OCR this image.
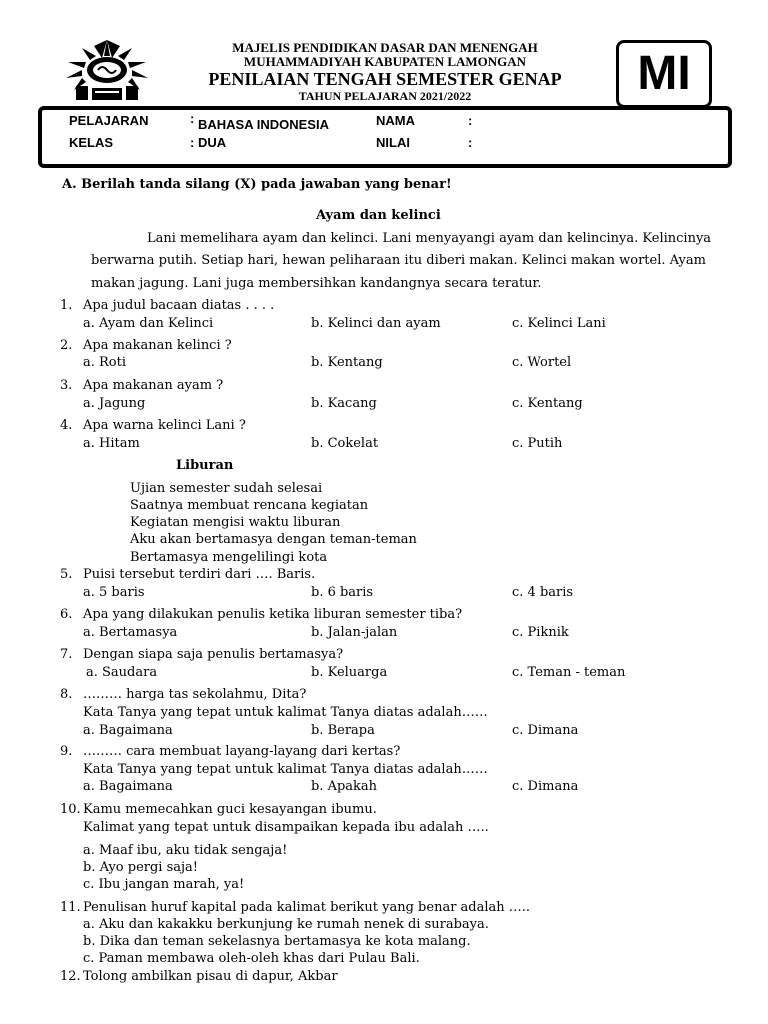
MAJELIS PENDIDIKAN DASAR DAN MENENGAH
MUHAMMADIYAH KABUPATEN LAMONGAN
PENILAIAN TENGAH SEMESTER GENAP
TAHUN PELAJARAN 2021/2022	MI
PELAJARAN	: BAHASA INDONESIA
KELAS	: DUA
NAMA	:
NILAI	:
A. Berilah tanda silang (X) pada jawaban yang benar!
Ayam dan kelinci
Lani memelihara ayam dan kelinci. Lani menyayangi ayam dan kelincinya. Kelincinya
berwarna putih. Setiap hari, hewan peliharaan itu diberi makan. Kelinci makan wortel. Ayam
makan jagung. Lani juga membersihkan kandangnya secara teratur.
1. Apa judul bacaan diatas . . . .
a. Ayam dan Kelinci	b. Kelinci dan ayam	c. Kelinci Lani
2. Apa makanan kelinci ?
a. Roti	b. Kentang	c. Wortel
3. Apa makanan ayam ?
a. Jagung	b. Kacang	c. Kentang
4. Apa warna kelinci Lani ?
a. Hitam	b. Cokelat	c. Putih
Liburan
Ujian semester sudah selesai
Saatnya membuat rencana kegiatan
Kegiatan mengisi waktu liburan
Aku akan bertamasya dengan teman-teman
Bertamasya mengelilingi kota
5. Puisi tersebut terdiri dari …. Baris.
a. 5 baris	b. 6 baris	c. 4 baris
6. Apa yang dilakukan penulis ketika liburan semester tiba?
a. Bertamasya	b. Jalan-jalan	c. Piknik
7. Dengan siapa saja penulis bertamasya?
a. Saudara	b. Keluarga	c. Teman - teman
8. ……… harga tas sekolahmu, Dita?
Kata Tanya yang tepat untuk kalimat Tanya diatas adalah……
a. Bagaimana	b. Berapa	c. Dimana
9. ……… cara membuat layang-layang dari kertas?
Kata Tanya yang tepat untuk kalimat Tanya diatas adalah……
a. Bagaimana	b. Apakah	c. Dimana
10. Kamu memecahkan guci kesayangan ibumu.
Kalimat yang tepat untuk disampaikan kepada ibu adalah …..
a. Maaf ibu, aku tidak sengaja!
b. Ayo pergi saja!
c. Ibu jangan marah, ya!
11. Penulisan huruf kapital pada kalimat berikut yang benar adalah …..
a. Aku dan kakakku berkunjung ke rumah nenek di surabaya.
b. Dika dan teman sekelasnya bertamasya ke kota malang.
c. Paman membawa oleh-oleh khas dari Pulau Bali.
12. Tolong ambilkan pisau di dapur, Akbar
